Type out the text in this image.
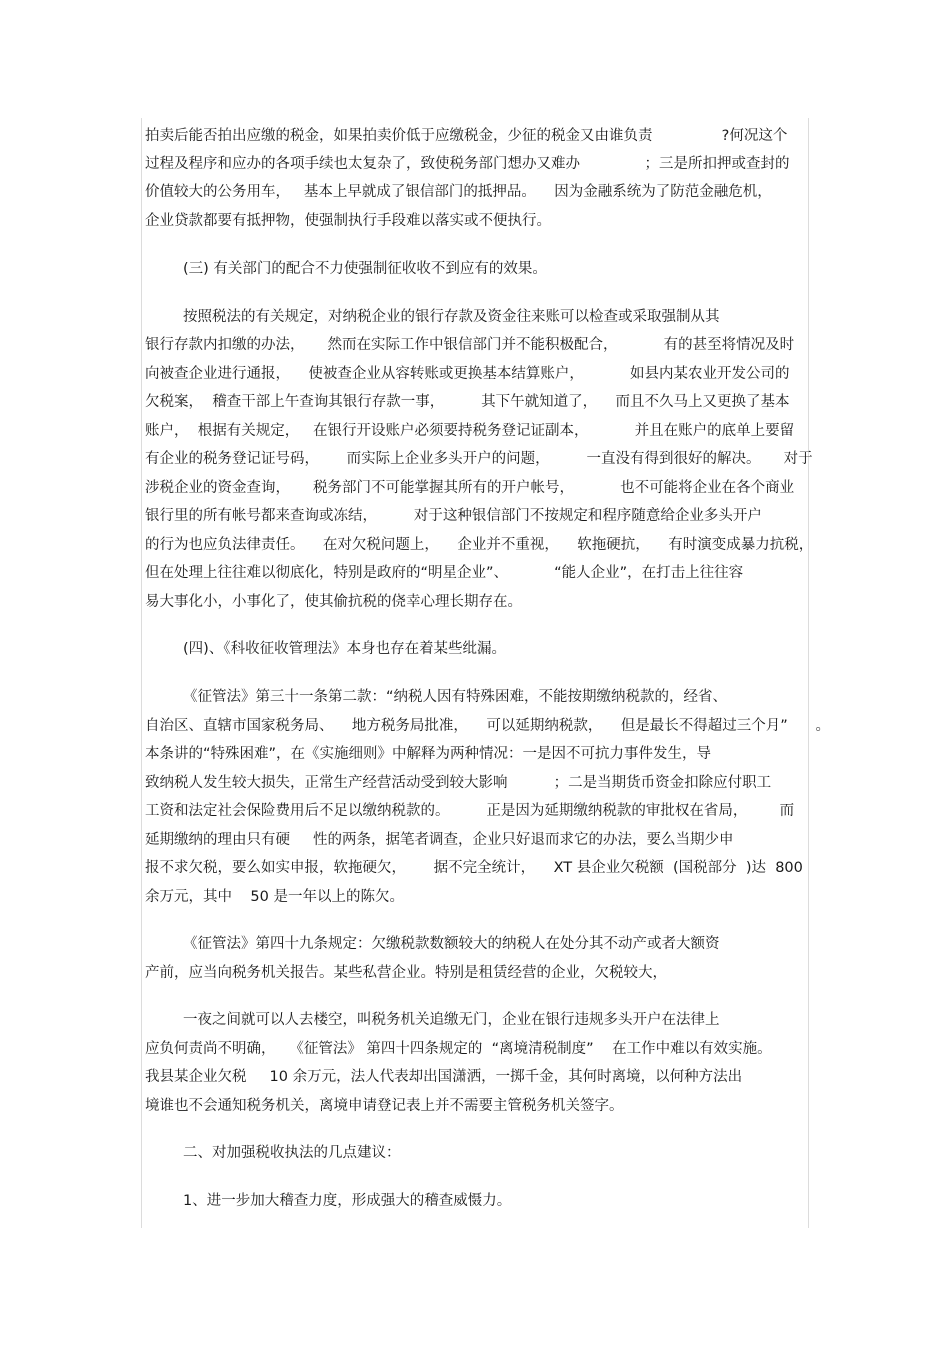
拍卖后能否拍出应缴的税金，如果拍卖价低于应缴税金，少征的税金又由谁负责               ?何况这个
过程及程序和应办的各项手续也太复杂了，致使税务部门想办又难办              ；三是所扣押或查封的
价值较大的公务用车，   基本上早就成了银信部门的抵押品。    因为金融系统为了防范金融危机，
企业贷款都要有抵押物，使强制执行手段难以落实或不便执行。
(三) 有关部门的配合不力使强制征收收不到应有的效果。
按照税法的有关规定，对纳税企业的银行存款及资金往来账可以检查或采取强制从其
银行存款内扣缴的办法，     然而在实际工作中银信部门并不能积极配合，          有的甚至将情况及时
向被查企业进行通报，    使被查企业从容转账或更换基本结算账户，          如县内某农业开发公司的
欠税案，  稽查干部上午查询其银行存款一事，        其下午就知道了，    而且不久马上又更换了基本
账户，  根据有关规定，   在银行开设账户必须要持税务登记证副本，          并且在账户的底单上要留
有企业的税务登记证号码，      而实际上企业多头开户的问题，        一直没有得到很好的解决。     对于
涉税企业的资金查询，     税务部门不可能掌握其所有的开户帐号，          也不可能将企业在各个商业
银行里的所有帐号都来查询或冻结，        对于这种银信部门不按规定和程序随意给企业多头开户
的行为也应负法律责任。    在对欠税问题上，    企业并不重视，    软拖硬抗，    有时演变成暴力抗税，
但在处理上往往难以彻底化，特别是政府的“明星企业”、          “能人企业”，在打击上往往容
易大事化小，小事化了，使其偷抗税的侥幸心理长期存在。
(四)、《科收征收管理法》本身也存在着某些纰漏。
《征管法》第三十一条第二款：“纳税人因有特殊困难，不能按期缴纳税款的，经省、
自治区、直辖市国家税务局、    地方税务局批准，    可以延期纳税款，    但是最长不得超过三个月”      。
本条讲的“特殊困难”，在《实施细则》中解释为两种情况：一是因不可抗力事件发生，导
致纳税人发生较大损失，正常生产经营活动受到较大影响          ；二是当期货币资金扣除应付职工
工资和法定社会保险费用后不足以缴纳税款的。        正是因为延期缴纳税款的审批权在省局，       而
延期缴纳的理由只有硬     性的两条，据笔者调查，企业只好退而求它的办法，要么当期少申
报不求欠税，要么如实申报，软拖硬欠，      据不完全统计，    XT 县企业欠税额  (国税部分  )达  800
余万元，其中    50 是一年以上的陈欠。
《征管法》第四十九条规定：欠缴税款数额较大的纳税人在处分其不动产或者大额资
产前，应当向税务机关报告。某些私营企业。特别是租赁经营的企业，欠税较大，
一夜之间就可以人去楼空，叫税务机关追缴无门，企业在银行违规多头开户在法律上
应负何责尚不明确，   《征管法》 第四十四条规定的  “离境清税制度”    在工作中难以有效实施。
我县某企业欠税     10 余万元，法人代表却出国潇洒，一掷千金，其何时离境，以何种方法出
境谁也不会通知税务机关，离境申请登记表上并不需要主管税务机关签字。
二、对加强税收执法的几点建议：
1、进一步加大稽查力度，形成强大的稽查威慑力。
